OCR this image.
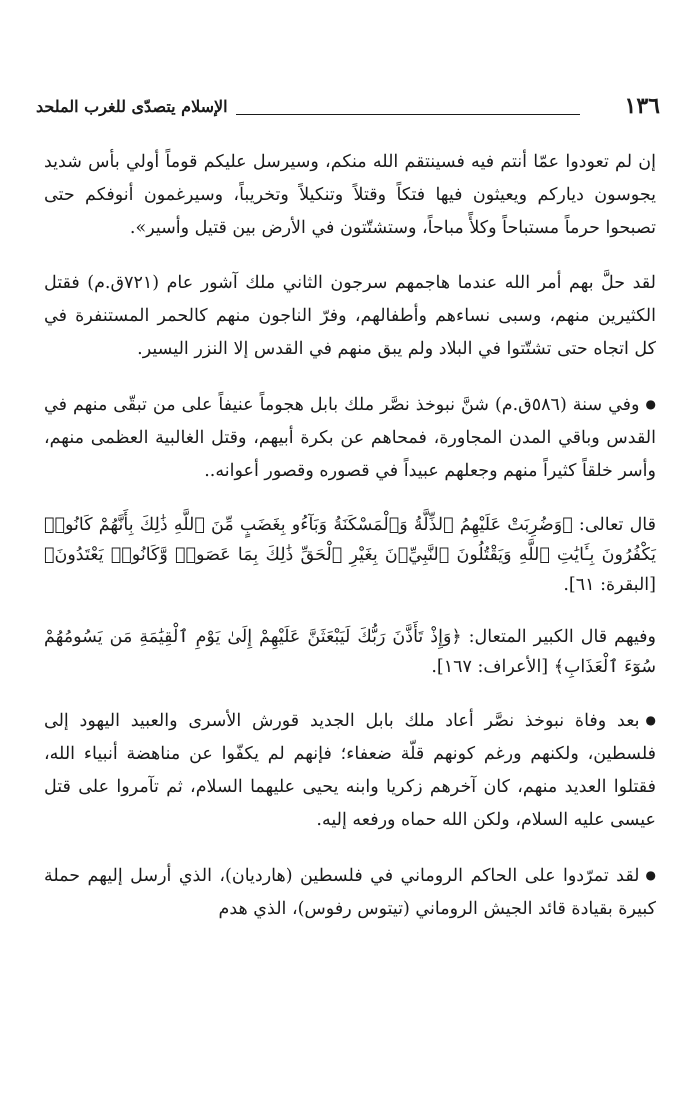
١٣٦
الإسلام يتصدّى للغرب الملحد

إن لم تعودوا عمّا أنتم فيه فسينتقم الله منكم، وسيرسل عليكم قوماً أولي بأس شديد يجوسون دياركم ويعيثون فيها فتكاً وقتلاً وتنكيلاً وتخريباً، وسيرغمون أنوفكم حتى تصبحوا حرماً مستباحاً وكلأً مباحاً، وستشتّتون في الأرض بين قتيل وأسير».

لقد حلَّ بهم أمر الله عندما هاجمهم سرجون الثاني ملك آشور عام (٧٢١ق.م) فقتل الكثيرين منهم، وسبى نساءهم وأطفالهم، وفرّ الناجون منهم كالحمر المستنفرة في كل اتجاه حتى تشتّتوا في البلاد ولم يبق منهم في القدس إلا النزر اليسير.

●وفي سنة (٥٨٦ق.م) شنَّ نبوخذ نصَّر ملك بابل هجوماً عنيفاً على من تبقّى منهم في القدس وباقي المدن المجاورة، فمحاهم عن بكرة أبيهم، وقتل الغالبية العظمى منهم، وأسر خلقاً كثيراً منهم وجعلهم عبيداً في قصوره وقصور أعوانه..

قال تعالى: ﴿وَضُرِبَتْ عَلَيْهِمُ ٱلذِّلَّةُ وَٱلْمَسْكَنَةُ وَبَآءُو بِغَضَبٍ مِّنَ ٱللَّهِ ذَٰلِكَ بِأَنَّهُمْ كَانُوا۟ يَكْفُرُونَ بِـَٔايَٰتِ ٱللَّهِ وَيَقْتُلُونَ ٱلنَّبِيِّۦنَ بِغَيْرِ ٱلْحَقِّ ذَٰلِكَ بِمَا عَصَوا۟ وَّكَانُوا۟ يَعْتَدُونَ﴾ [البقرة: ٦١].

وفيهم قال الكبير المتعال: ﴿وَإِذْ تَأَذَّنَ رَبُّكَ لَيَبْعَثَنَّ عَلَيْهِمْ إِلَىٰ يَوْمِ ٱلْقِيَٰمَةِ مَن يَسُومُهُمْ سُوٓءَ ٱلْعَذَابِ﴾ [الأعراف: ١٦٧].

●بعد وفاة نبوخذ نصَّر أعاد ملك بابل الجديد قورش الأسرى والعبيد اليهود إلى فلسطين، ولكنهم ورغم كونهم قلّة ضعفاء؛ فإنهم لم يكفّوا عن مناهضة أنبياء الله، فقتلوا العديد منهم، كان آخرهم زكريا وابنه يحيى عليهما السلام، ثم تآمروا على قتل عيسى عليه السلام، ولكن الله حماه ورفعه إليه.

●لقد تمرّدوا على الحاكم الروماني في فلسطين (هارديان)، الذي أرسل إليهم حملة كبيرة بقيادة قائد الجيش الروماني (تيتوس رفوس)، الذي هدم
